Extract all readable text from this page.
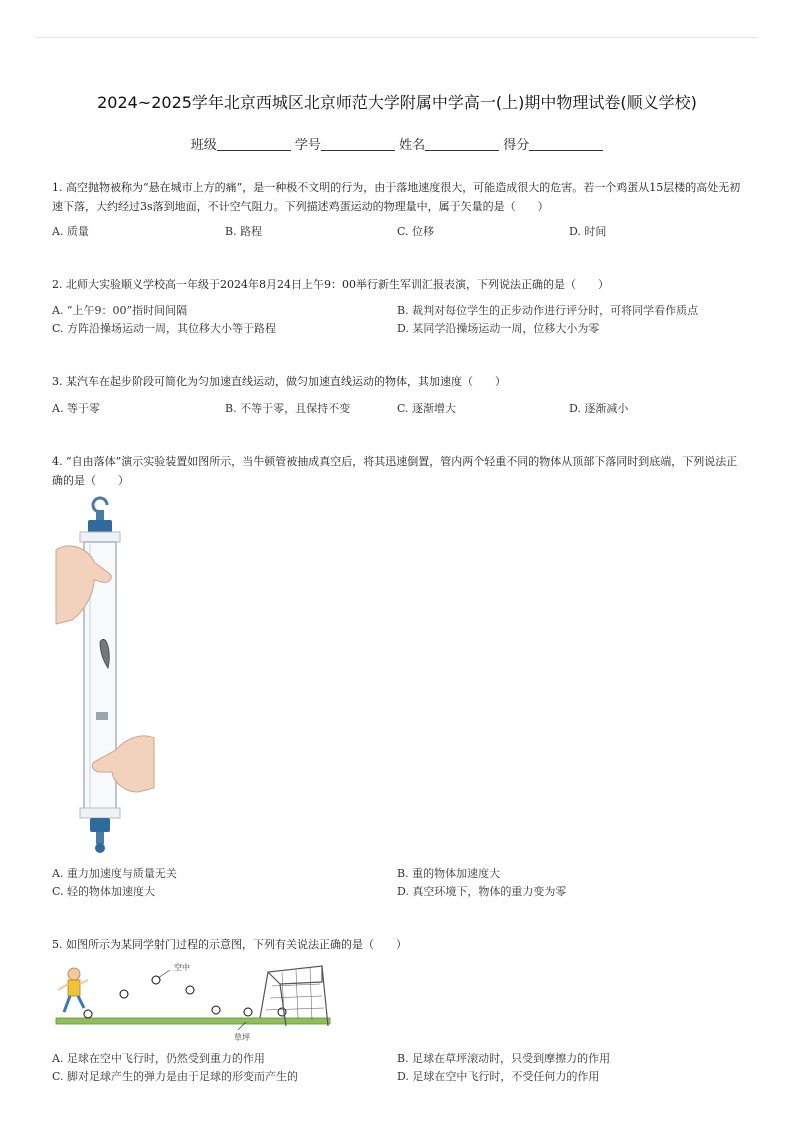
2024~2025学年北京西城区北京师范大学附属中学高一(上)期中物理试卷(顺义学校)
班级	学号	姓名	得分
1. 高空抛物被称为“悬在城市上方的痛”，是一种极不文明的行为，由于落地速度很大，可能造成很大的危害。若一个鸡蛋从15层楼的高处无初速下落，大约经过3s落到地面，不计空气阻力。下列描述鸡蛋运动的物理量中，属于矢量的是（　　）
A. 质量	B. 路程	C. 位移	D. 时间
2. 北师大实验顺义学校高一年级于2024年8月24日上午9：00举行新生军训汇报表演，下列说法正确的是（　　）
A. “上午9：00”指时间间隔	B. 裁判对每位学生的正步动作进行评分时，可将同学看作质点
C. 方阵沿操场运动一周，其位移大小等于路程	D. 某同学沿操场运动一周，位移大小为零
3. 某汽车在起步阶段可简化为匀加速直线运动，做匀加速直线运动的物体，其加速度（　　）
A. 等于零	B. 不等于零，且保持不变	C. 逐渐增大	D. 逐渐减小
4. “自由落体”演示实验装置如图所示，当牛顿管被抽成真空后，将其迅速倒置，管内两个轻重不同的物体从顶部下落同时到底端，下列说法正确的是（　　）
A. 重力加速度与质量无关	B. 重的物体加速度大
C. 轻的物体加速度大	D. 真空环境下，物体的重力变为零
5. 如图所示为某同学射门过程的示意图，下列有关说法正确的是（　　）
空中
草坪
A. 足球在空中飞行时，仍然受到重力的作用	B. 足球在草坪滚动时，只受到摩擦力的作用
C. 脚对足球产生的弹力是由于足球的形变而产生的	D. 足球在空中飞行时，不受任何力的作用
